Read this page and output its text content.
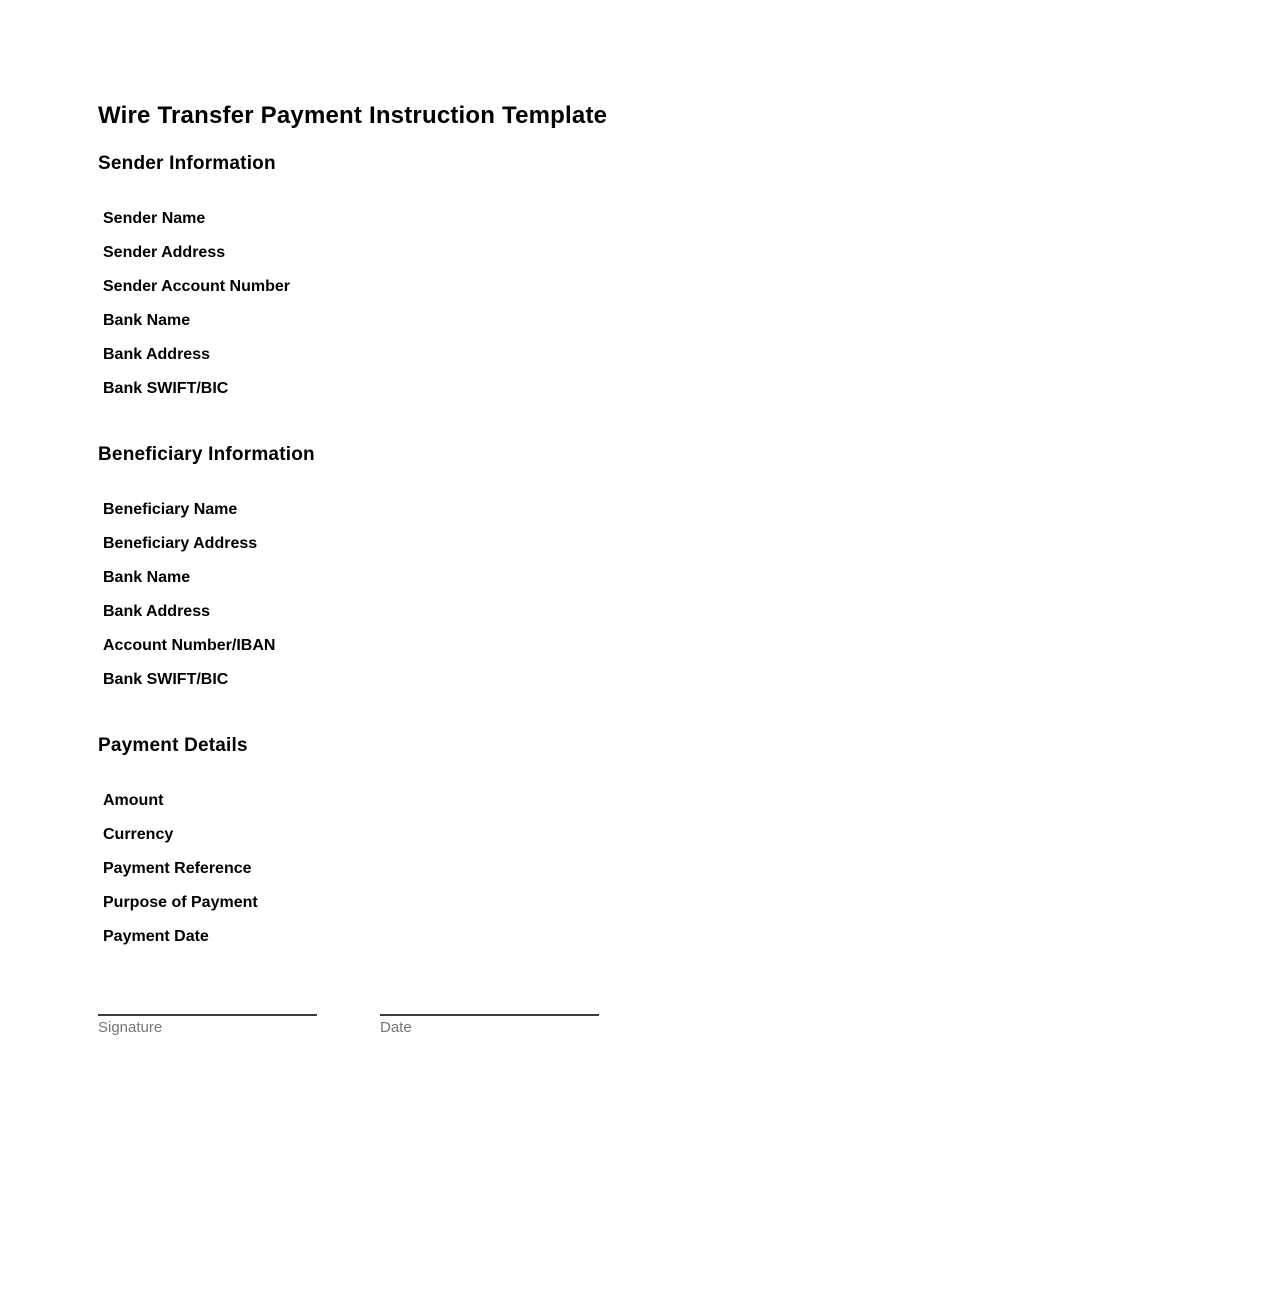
Wire Transfer Payment Instruction Template
Sender Information
Sender Name
Sender Address
Sender Account Number
Bank Name
Bank Address
Bank SWIFT/BIC
Beneficiary Information
Beneficiary Name
Beneficiary Address
Bank Name
Bank Address
Account Number/IBAN
Bank SWIFT/BIC
Payment Details
Amount
Currency
Payment Reference
Purpose of Payment
Payment Date
Signature	Date
